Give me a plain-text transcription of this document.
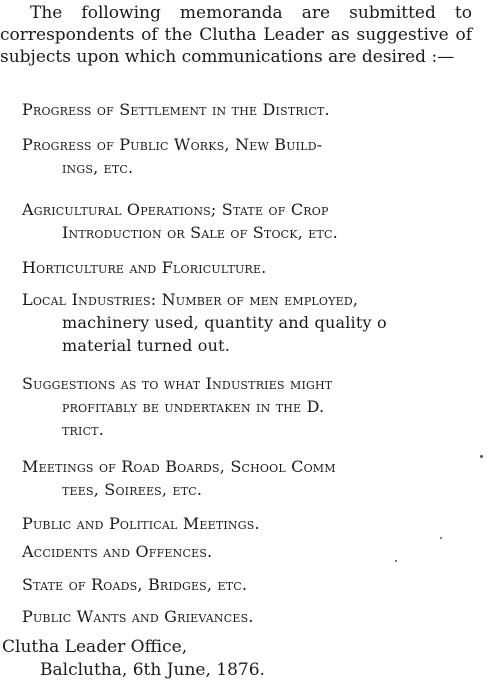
The following memoranda are submitted to correspondents of the Clutha Leader as suggestive of subjects upon which communications are desired :—

Progress of Settlement in the District.
Progress of Public Works, New Build-
ings, etc.
Agricultural Operations; State of Crop
Introduction or Sale of Stock, etc.
Horticulture and Floriculture.
Local Industries: Number of men employed,
machinery used, quantity and quality o
material turned out.
Suggestions as to what Industries might
profitably be undertaken in the D.
trict.
Meetings of Road Boards, School Comm
tees, Soirees, etc.
Public and Political Meetings.
Accidents and Offences.
State of Roads, Bridges, etc.
Public Wants and Grievances.
Clutha Leader Office,
Balclutha, 6th June, 1876.
